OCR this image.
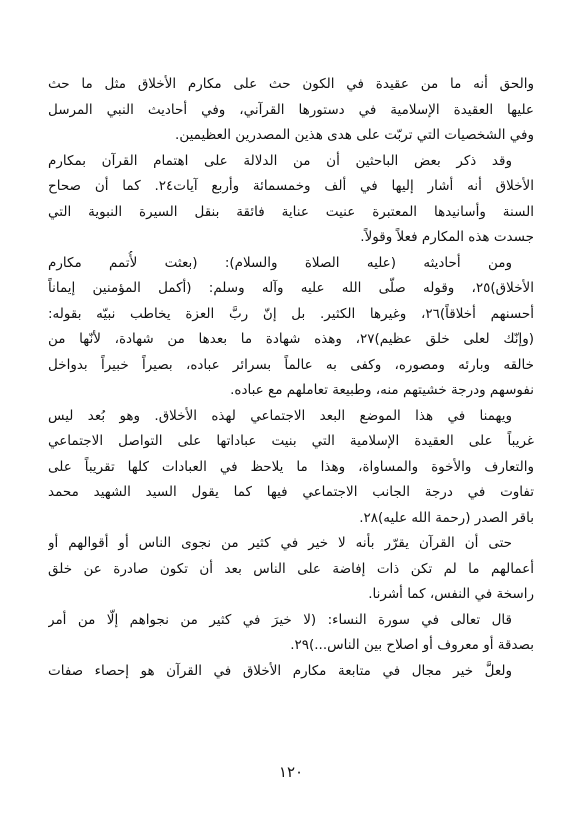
والحق أنه ما من عقيدة في الكون حث على مكارم الأخلاق مثل ما حث
عليها العقيدة الإسلامية في دستورها القرآني، وفي أحاديث النبي المرسل
وفي الشخصيات التي تربّت على هدى هذين المصدرين العظيمين.

وقد ذكر بعض الباحثين أن من الدلالة على اهتمام القرآن بمكارم
الأخلاق أنه أشار إليها في ألف وخمسمائة وأربع آيات٢٤. كما أن صحاح
السنة وأسانيدها المعتبرة عنيت عناية فائقة بنقل السيرة النبوية التي
جسدت هذه المكارم فعلاً وقولاً.

ومن أحاديثه (عليه الصلاة والسلام): (بعثت لأُتمم مكارم
الأخلاق)٢٥، وقوله صلّى الله عليه وآله وسلم: (أكمل المؤمنين إيماناً
أحسنهم أخلاقاً)٢٦، وغيرها الكثير. بل إنّ ربَّ العزة يخاطب نبيّه بقوله:
(وإنّك لعلى خلق عظيم)٢٧، وهذه شهادة ما بعدها من شهادة، لأنّها من
خالقه وبارئه ومصوره، وكفى به عالماً بسرائر عباده، بصيراً خبيراً بدواخل
نفوسهم ودرجة خشيتهم منه، وطبيعة تعاملهم مع عباده.

ويهمنا في هذا الموضع البعد الاجتماعي لهذه الأخلاق. وهو بُعد ليس
غريباً على العقيدة الإسلامية التي بنيت عباداتها على التواصل الاجتماعي
والتعارف والأخوة والمساواة، وهذا ما يلاحظ في العبادات كلها تقريباً على
تفاوت في درجة الجانب الاجتماعي فيها كما يقول السيد الشهيد محمد
باقر الصدر (رحمة الله عليه)٢٨.

حتى أن القرآن يقرّر بأنه لا خير في كثير من نجوى الناس أو أقوالهم أو
أعمالهم ما لم تكن ذات إفاضة على الناس بعد أن تكون صادرة عن خلق
راسخة في النفس، كما أشرنا.

قال تعالى في سورة النساء: (لا خيرَ في كثير من نجواهم إلّا من أمر
بصدقة أو معروف أو اصلاح بين الناس...)٢٩.

ولعلَّ خير مجال في متابعة مكارم الأخلاق في القرآن هو إحصاء صفات

١٢٠
